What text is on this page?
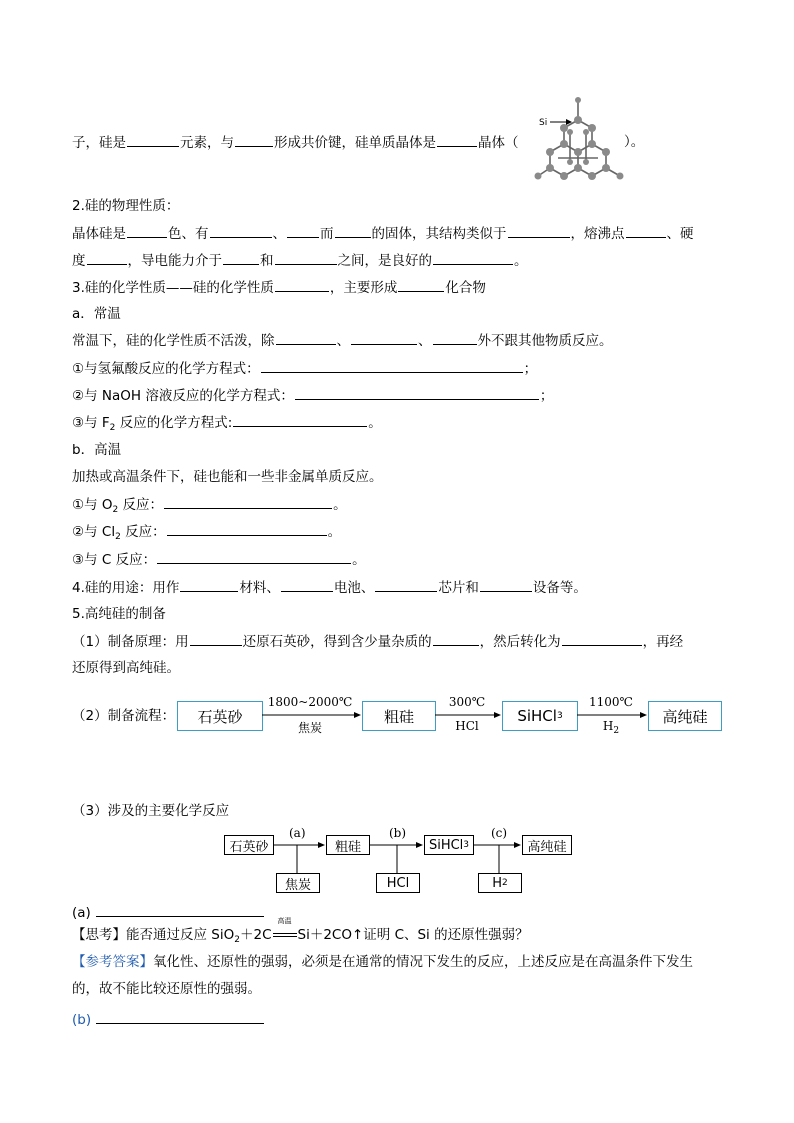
子，硅是	元素，与	形成共价键，硅单质晶体是	晶体（	）。
Si
2.硅的物理性质：
晶体硅是	色、有	、	而	的固体，其结构类似于	，熔沸点	、硬
度	，导电能力介于	和	之间，是良好的	。
3.硅的化学性质——硅的化学性质	，主要形成	化合物
a．常温
常温下，硅的化学性质不活泼，除	、	、	外不跟其他物质反应。
①与氢氟酸反应的化学方程式：	；
②与 NaOH 溶液反应的化学方程式：	；
③与 $F_2$ 反应的化学方程式:	。
b．高温
加热或高温条件下，硅也能和一些非金属单质反应。
①与 $O_2$ 反应：	。
②与 $Cl_2$ 反应：	。
③与 C 反应：	。
4.硅的用途：用作	材料、	电池、	芯片和	设备等。
5.高纯硅的制备
（1）制备原理：用	还原石英砂，得到含少量杂质的	，然后转化为	，再经
还原得到高纯硅。
（2）制备流程：	石英砂	粗硅	SiHCl 3	高纯硅
1800~2000℃
焦炭
300℃
HCl
1100℃
$H_2$
（3）涉及的主要化学反应
石英砂	粗硅	SiHCl 3	高纯硅
焦炭	HCl	H 2
(a)	(b)	(c)
(a)
【思考】能否通过反应 SiO$_2$＋2C
高温
Si＋2CO↑证明 C、Si 的还原性强弱？
【参考答案】氧化性、还原性的强弱，必须是在通常的情况下发生的反应，上述反应是在高温条件下发生
的，故不能比较还原性的强弱。
(b)
